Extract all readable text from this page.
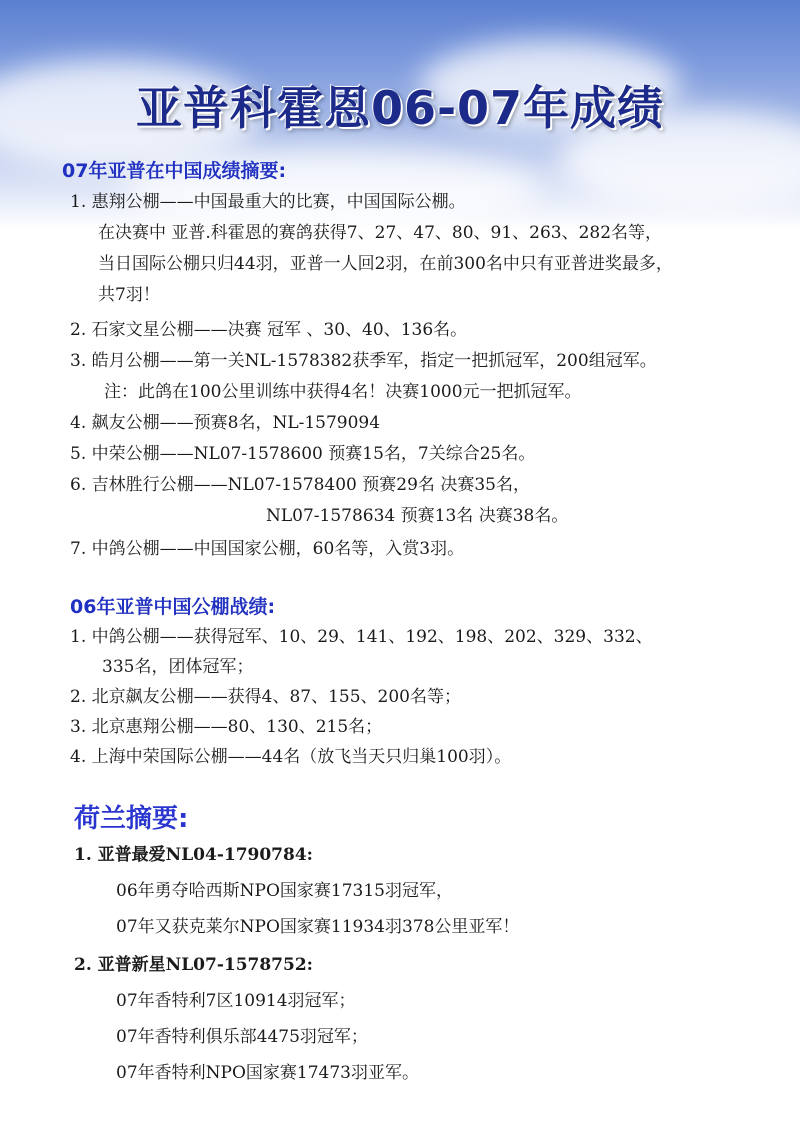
亚普科霍恩06-07年成绩
07年亚普在中国成绩摘要:
1. 惠翔公棚——中国最重大的比赛，中国国际公棚。
在决赛中 亚普.科霍恩的赛鸽获得7、27、47、80、91、263、282名等，
当日国际公棚只归44羽，亚普一人回2羽，在前300名中只有亚普进奖最多，
共7羽！
2. 石家文星公棚——决赛 冠军 、30、40、136名。
3. 皓月公棚——第一关NL-1578382获季军，指定一把抓冠军，200组冠军。
注：此鸽在100公里训练中获得4名！决赛1000元一把抓冠军。
4. 飙友公棚——预赛8名，NL-1579094
5. 中荣公棚——NL07-1578600 预赛15名，7关综合25名。
6. 吉林胜行公棚——NL07-1578400 预赛29名 决赛35名，
NL07-1578634 预赛13名 决赛38名。
7. 中鸽公棚——中国国家公棚，60名等，入赏3羽。
06年亚普中国公棚战绩:
1. 中鸽公棚——获得冠军、10、29、141、192、198、202、329、332、
335名，团体冠军；
2. 北京飙友公棚——获得4、87、155、200名等；
3. 北京惠翔公棚——80、130、215名；
4. 上海中荣国际公棚——44名（放飞当天只归巢100羽）。
荷兰摘要:
1. 亚普最爱NL04-1790784:
06年勇夺哈西斯NPO国家赛17315羽冠军，
07年又获克莱尔NPO国家赛11934羽378公里亚军！
2. 亚普新星NL07-1578752:
07年香特利7区10914羽冠军；
07年香特利俱乐部4475羽冠军；
07年香特利NPO国家赛17473羽亚军。
